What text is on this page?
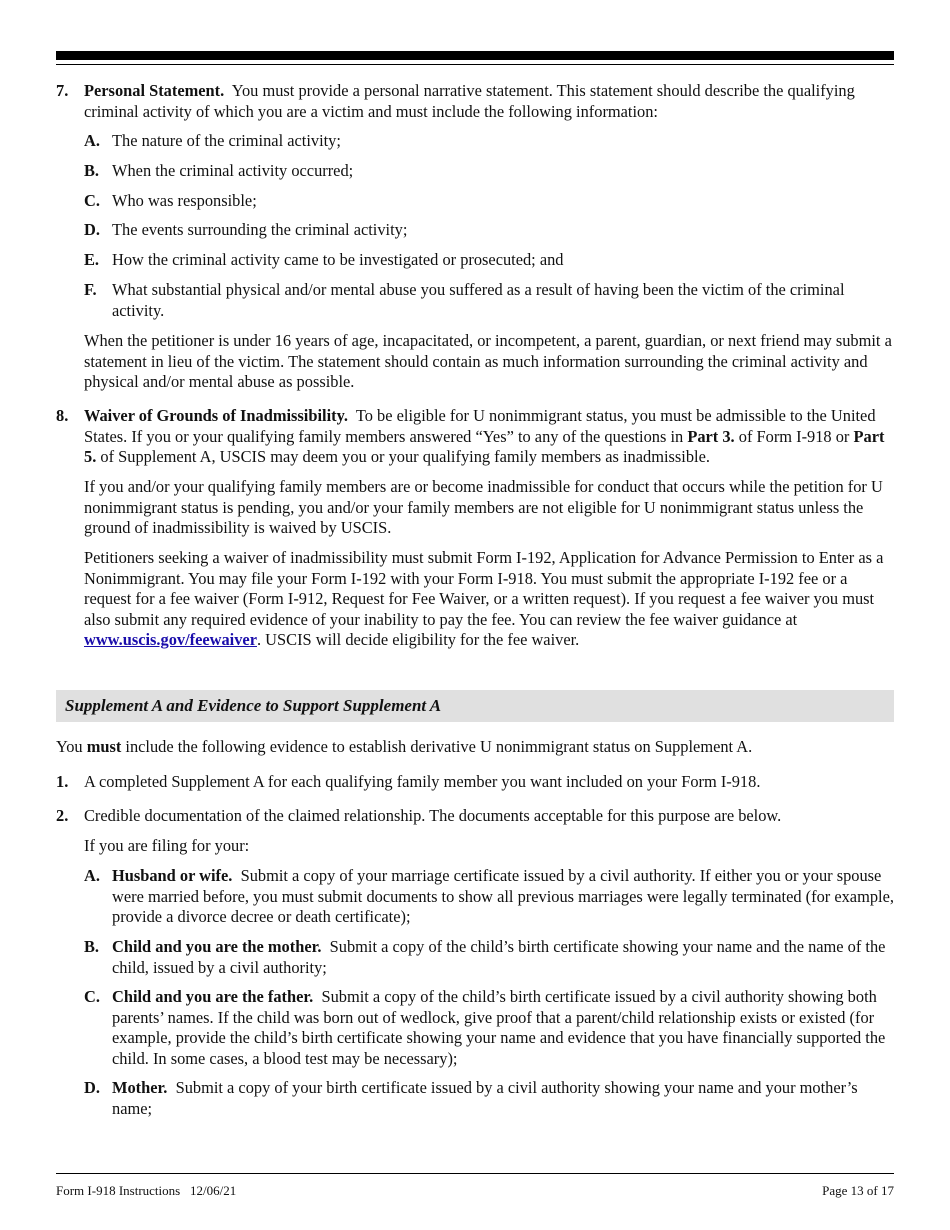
7. Personal Statement. You must provide a personal narrative statement. This statement should describe the qualifying criminal activity of which you are a victim and must include the following information:
A. The nature of the criminal activity;
B. When the criminal activity occurred;
C. Who was responsible;
D. The events surrounding the criminal activity;
E. How the criminal activity came to be investigated or prosecuted; and
F. What substantial physical and/or mental abuse you suffered as a result of having been the victim of the criminal activity.
When the petitioner is under 16 years of age, incapacitated, or incompetent, a parent, guardian, or next friend may submit a statement in lieu of the victim. The statement should contain as much information surrounding the criminal activity and physical and/or mental abuse as possible.
8. Waiver of Grounds of Inadmissibility. To be eligible for U nonimmigrant status, you must be admissible to the United States. If you or your qualifying family members answered “Yes” to any of the questions in Part 3. of Form I-918 or Part 5. of Supplement A, USCIS may deem you or your qualifying family members as inadmissible.
If you and/or your qualifying family members are or become inadmissible for conduct that occurs while the petition for U nonimmigrant status is pending, you and/or your family members are not eligible for U nonimmigrant status unless the ground of inadmissibility is waived by USCIS.
Petitioners seeking a waiver of inadmissibility must submit Form I-192, Application for Advance Permission to Enter as a Nonimmigrant. You may file your Form I-192 with your Form I-918. You must submit the appropriate I-192 fee or a request for a fee waiver (Form I-912, Request for Fee Waiver, or a written request). If you request a fee waiver you must also submit any required evidence of your inability to pay the fee. You can review the fee waiver guidance at www.uscis.gov/feewaiver. USCIS will decide eligibility for the fee waiver.
Supplement A and Evidence to Support Supplement A
You must include the following evidence to establish derivative U nonimmigrant status on Supplement A.
1. A completed Supplement A for each qualifying family member you want included on your Form I-918.
2. Credible documentation of the claimed relationship. The documents acceptable for this purpose are below.
If you are filing for your:
A. Husband or wife. Submit a copy of your marriage certificate issued by a civil authority. If either you or your spouse were married before, you must submit documents to show all previous marriages were legally terminated (for example, provide a divorce decree or death certificate);
B. Child and you are the mother. Submit a copy of the child’s birth certificate showing your name and the name of the child, issued by a civil authority;
C. Child and you are the father. Submit a copy of the child’s birth certificate issued by a civil authority showing both parents’ names. If the child was born out of wedlock, give proof that a parent/child relationship exists or existed (for example, provide the child’s birth certificate showing your name and evidence that you have financially supported the child. In some cases, a blood test may be necessary);
D. Mother. Submit a copy of your birth certificate issued by a civil authority showing your name and your mother’s name;
Form I-918 Instructions 12/06/21	Page 13 of 17
